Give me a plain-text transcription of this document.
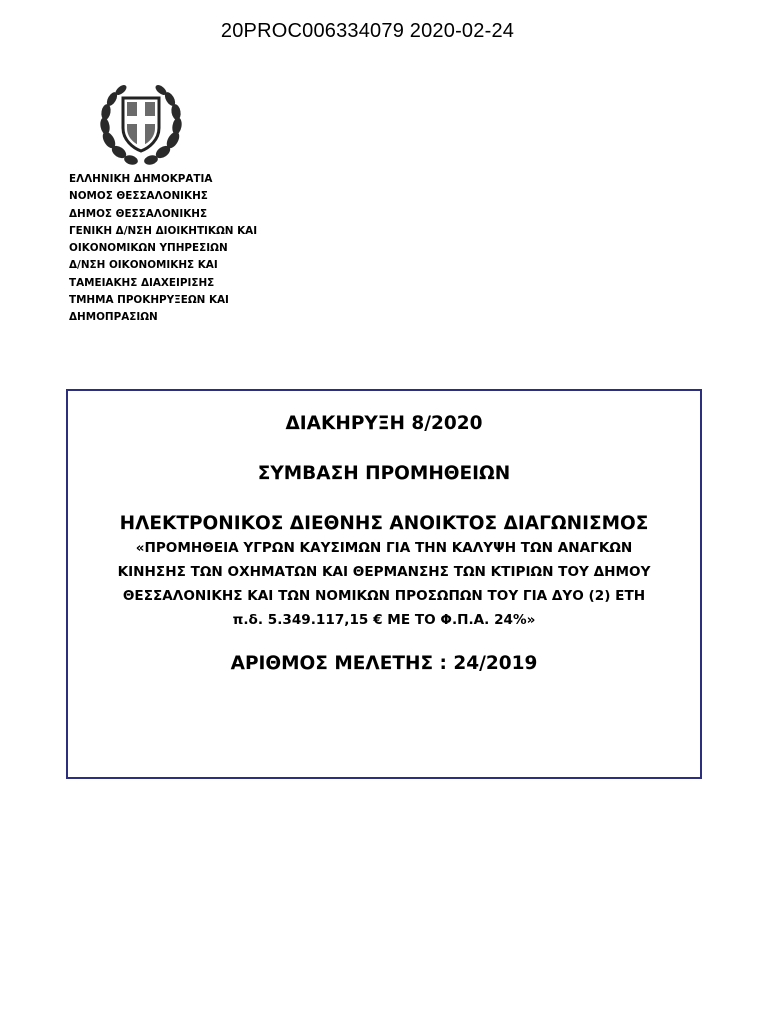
20PROC006334079 2020-02-24
ΕΛΛΗΝΙΚΗ ΔΗΜΟΚΡΑΤΙΑ
ΝΟΜΟΣ ΘΕΣΣΑΛΟΝΙΚΗΣ
ΔΗΜΟΣ ΘΕΣΣΑΛΟΝΙΚΗΣ
ΓΕΝΙΚΗ Δ/ΝΣΗ ΔΙΟΙΚΗΤΙΚΩΝ ΚΑΙ
ΟΙΚΟΝΟΜΙΚΩΝ ΥΠΗΡΕΣΙΩΝ
Δ/ΝΣΗ ΟΙΚΟΝΟΜΙΚΗΣ ΚΑΙ
ΤΑΜΕΙΑΚΗΣ ΔΙΑΧΕΙΡΙΣΗΣ
ΤΜΗΜΑ ΠΡΟΚΗΡΥΞΕΩΝ ΚΑΙ
ΔΗΜΟΠΡΑΣΙΩΝ
ΔΙΑΚΗΡΥΞΗ 8/2020
ΣΥΜΒΑΣΗ ΠΡΟΜΗΘΕΙΩΝ
ΗΛΕΚΤΡΟΝΙΚΟΣ ΔΙΕΘΝΗΣ ΑΝΟΙΚΤΟΣ ΔΙΑΓΩΝΙΣΜΟΣ
«ΠΡΟΜΗΘΕΙΑ ΥΓΡΩΝ ΚΑΥΣΙΜΩΝ ΓΙΑ ΤΗΝ ΚΑΛΥΨΗ ΤΩΝ ΑΝΑΓΚΩΝ
ΚΙΝΗΣΗΣ ΤΩΝ ΟΧΗΜΑΤΩΝ ΚΑΙ ΘΕΡΜΑΝΣΗΣ ΤΩΝ ΚΤΙΡΙΩΝ ΤΟΥ ΔΗΜΟΥ
ΘΕΣΣΑΛΟΝΙΚΗΣ ΚΑΙ ΤΩΝ ΝΟΜΙΚΩΝ ΠΡΟΣΩΠΩΝ ΤΟΥ ΓΙΑ ΔΥΟ (2) ΕΤΗ
π.δ. 5.349.117,15 € ΜΕ ΤΟ Φ.Π.Α. 24%»
ΑΡΙΘΜΟΣ ΜΕΛΕΤΗΣ : 24/2019
